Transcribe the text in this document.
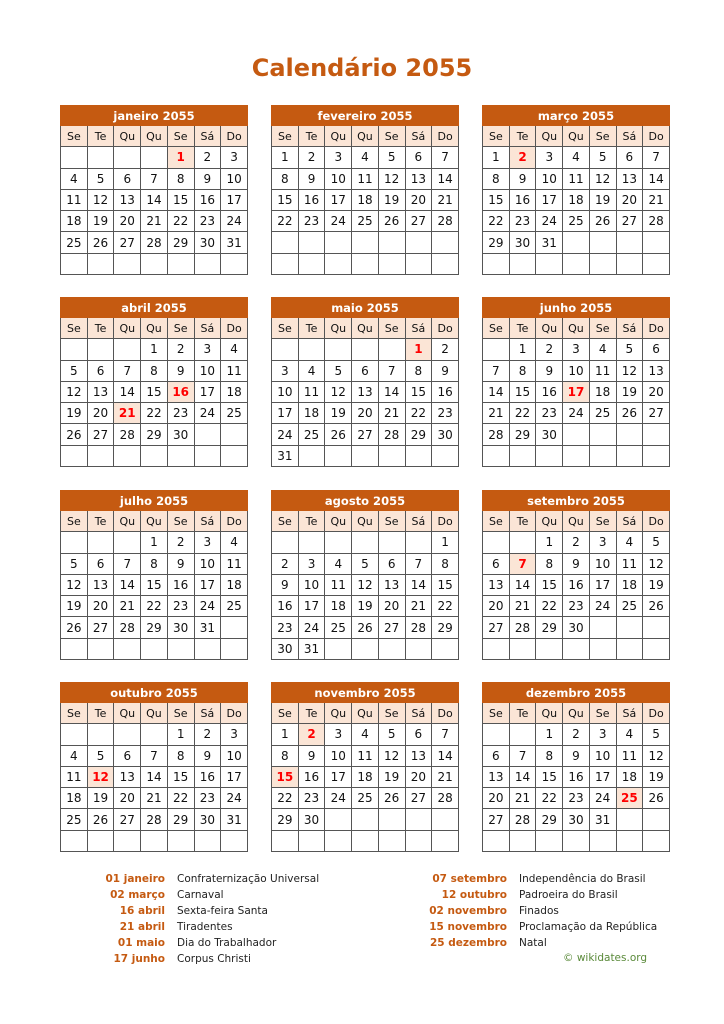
Calendário 2055
janeiro 2055						
Se	Te	Qu	Qu	Se	Sá	Do
				1	2	3
4	5	6	7	8	9	10
11	12	13	14	15	16	17
18	19	20	21	22	23	24
25	26	27	28	29	30	31

fevereiro 2055						
Se	Te	Qu	Qu	Se	Sá	Do
1	2	3	4	5	6	7
8	9	10	11	12	13	14
15	16	17	18	19	20	21
22	23	24	25	26	27	28

março 2055						
Se	Te	Qu	Qu	Se	Sá	Do
1	2	3	4	5	6	7
8	9	10	11	12	13	14
15	16	17	18	19	20	21
22	23	24	25	26	27	28
29	30	31				

abril 2055						
Se	Te	Qu	Qu	Se	Sá	Do
			1	2	3	4
5	6	7	8	9	10	11
12	13	14	15	16	17	18
19	20	21	22	23	24	25
26	27	28	29	30		

maio 2055						
Se	Te	Qu	Qu	Se	Sá	Do
					1	2
3	4	5	6	7	8	9
10	11	12	13	14	15	16
17	18	19	20	21	22	23
24	25	26	27	28	29	30
31						
junho 2055						
Se	Te	Qu	Qu	Se	Sá	Do
	1	2	3	4	5	6
7	8	9	10	11	12	13
14	15	16	17	18	19	20
21	22	23	24	25	26	27
28	29	30				

julho 2055						
Se	Te	Qu	Qu	Se	Sá	Do
			1	2	3	4
5	6	7	8	9	10	11
12	13	14	15	16	17	18
19	20	21	22	23	24	25
26	27	28	29	30	31	

agosto 2055						
Se	Te	Qu	Qu	Se	Sá	Do
						1
2	3	4	5	6	7	8
9	10	11	12	13	14	15
16	17	18	19	20	21	22
23	24	25	26	27	28	29
30	31					
setembro 2055						
Se	Te	Qu	Qu	Se	Sá	Do
		1	2	3	4	5
6	7	8	9	10	11	12
13	14	15	16	17	18	19
20	21	22	23	24	25	26
27	28	29	30			

outubro 2055						
Se	Te	Qu	Qu	Se	Sá	Do
				1	2	3
4	5	6	7	8	9	10
11	12	13	14	15	16	17
18	19	20	21	22	23	24
25	26	27	28	29	30	31

novembro 2055						
Se	Te	Qu	Qu	Se	Sá	Do
1	2	3	4	5	6	7
8	9	10	11	12	13	14
15	16	17	18	19	20	21
22	23	24	25	26	27	28
29	30					

dezembro 2055						
Se	Te	Qu	Qu	Se	Sá	Do
		1	2	3	4	5
6	7	8	9	10	11	12
13	14	15	16	17	18	19
20	21	22	23	24	25	26
27	28	29	30	31		

01 janeiro Confraternização Universal
02 março Carnaval
16 abril Sexta-feira Santa
21 abril Tiradentes
01 maio Dia do Trabalhador
17 junho Corpus Christi
07 setembro Independência do Brasil
12 outubro Padroeira do Brasil
02 novembro Finados
15 novembro Proclamação da República
25 dezembro Natal
© wikidates.org
